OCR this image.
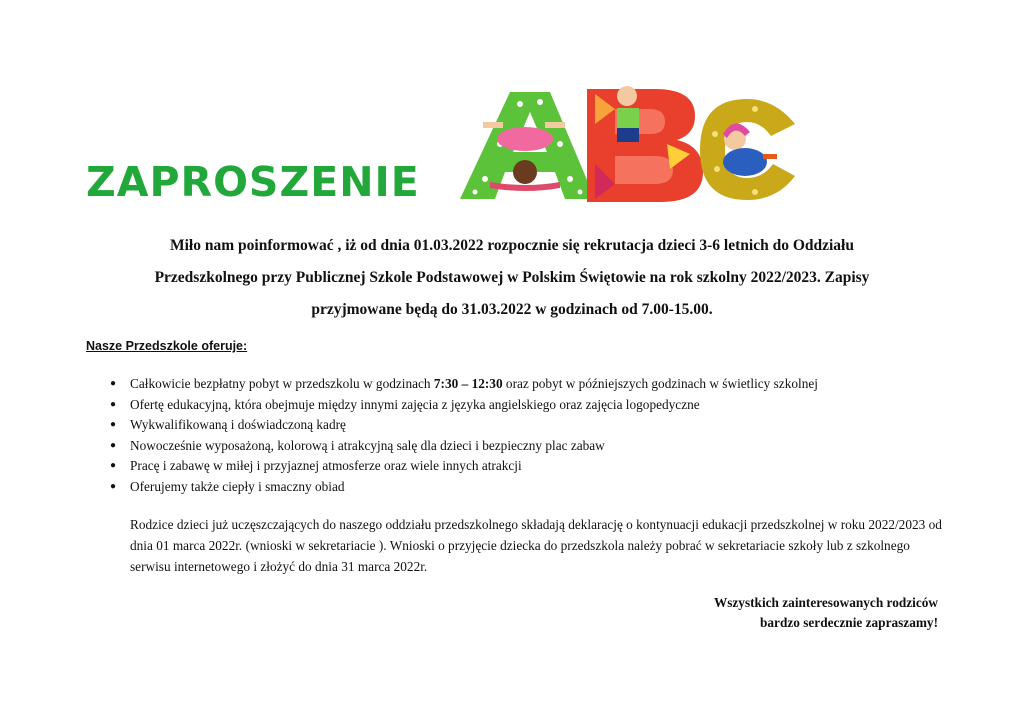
ZAPROSZENIE

Miło nam poinformować , iż od dnia 01.03.2022 rozpocznie się rekrutacja dzieci 3-6 letnich do Oddziału

Przedszkolnego przy Publicznej Szkole Podstawowej w Polskim Świętowie na rok szkolny 2022/2023. Zapisy

przyjmowane będą do 31.03.2022 w godzinach od 7.00-15.00.

Nasze Przedszkole oferuje:
● Całkowicie bezpłatny pobyt w przedszkolu w godzinach 7:30 – 12:30 oraz pobyt w późniejszych godzinach w świetlicy szkolnej
● Ofertę edukacyjną, która obejmuje między innymi zajęcia z języka angielskiego oraz zajęcia logopedyczne
● Wykwalifikowaną i doświadczoną kadrę
● Nowocześnie wyposażoną, kolorową i atrakcyjną salę dla dzieci i bezpieczny plac zabaw
● Pracę i zabawę w miłej i przyjaznej atmosferze oraz wiele innych atrakcji
● Oferujemy także ciepły i smaczny obiad

Rodzice dzieci już uczęszczających do naszego oddziału przedszkolnego składają deklarację o kontynuacji edukacji przedszkolnej w roku 2022/2023 od dnia 01 marca 2022r. (wnioski w sekretariacie ). Wnioski o przyjęcie dziecka do przedszkola należy pobrać w sekretariacie szkoły lub z szkolnego serwisu internetowego i złożyć do dnia 31 marca 2022r.

Wszystkich zainteresowanych rodziców
bardzo serdecznie zapraszamy!
